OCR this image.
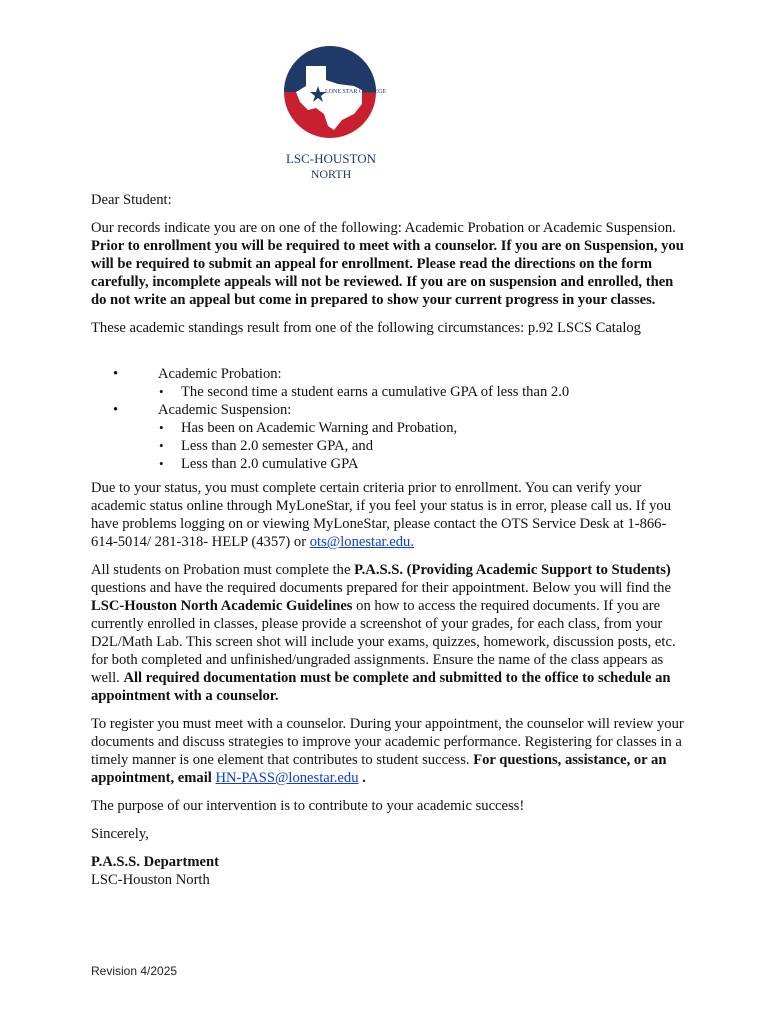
LONE STAR COLLEGE
LSC-HOUSTON
NORTH

Dear Student:

Our records indicate you are on one of the following: Academic Probation or Academic Suspension. Prior to enrollment you will be required to meet with a counselor. If you are on Suspension, you will be required to submit an appeal for enrollment. Please read the directions on the form carefully, incomplete appeals will not be reviewed. If you are on suspension and enrolled, then do not write an appeal but come in prepared to show your current progress in your classes.

These academic standings result from one of the following circumstances: p.92 LSCS Catalog

•	Academic Probation:
• The second time a student earns a cumulative GPA of less than 2.0
•	Academic Suspension:
• Has been on Academic Warning and Probation,
• Less than 2.0 semester GPA, and
• Less than 2.0 cumulative GPA

Due to your status, you must complete certain criteria prior to enrollment. You can verify your academic status online through MyLoneStar, if you feel your status is in error, please call us. If you have problems logging on or viewing MyLoneStar, please contact the OTS Service Desk at 1-866-614-5014/ 281-318- HELP (4357) or ots@lonestar.edu.

All students on Probation must complete the P.A.S.S. (Providing Academic Support to Students) questions and have the required documents prepared for their appointment. Below you will find the LSC-Houston North Academic Guidelines on how to access the required documents. If you are currently enrolled in classes, please provide a screenshot of your grades, for each class, from your D2L/Math Lab. This screen shot will include your exams, quizzes, homework, discussion posts, etc. for both completed and unfinished/ungraded assignments. Ensure the name of the class appears as well. All required documentation must be complete and submitted to the office to schedule an appointment with a counselor.

To register you must meet with a counselor. During your appointment, the counselor will review your documents and discuss strategies to improve your academic performance. Registering for classes in a timely manner is one element that contributes to student success. For questions, assistance, or an appointment, email HN-PASS@lonestar.edu .

The purpose of our intervention is to contribute to your academic success!

Sincerely,

P.A.S.S. Department
LSC-Houston North
Revision 4/2025
